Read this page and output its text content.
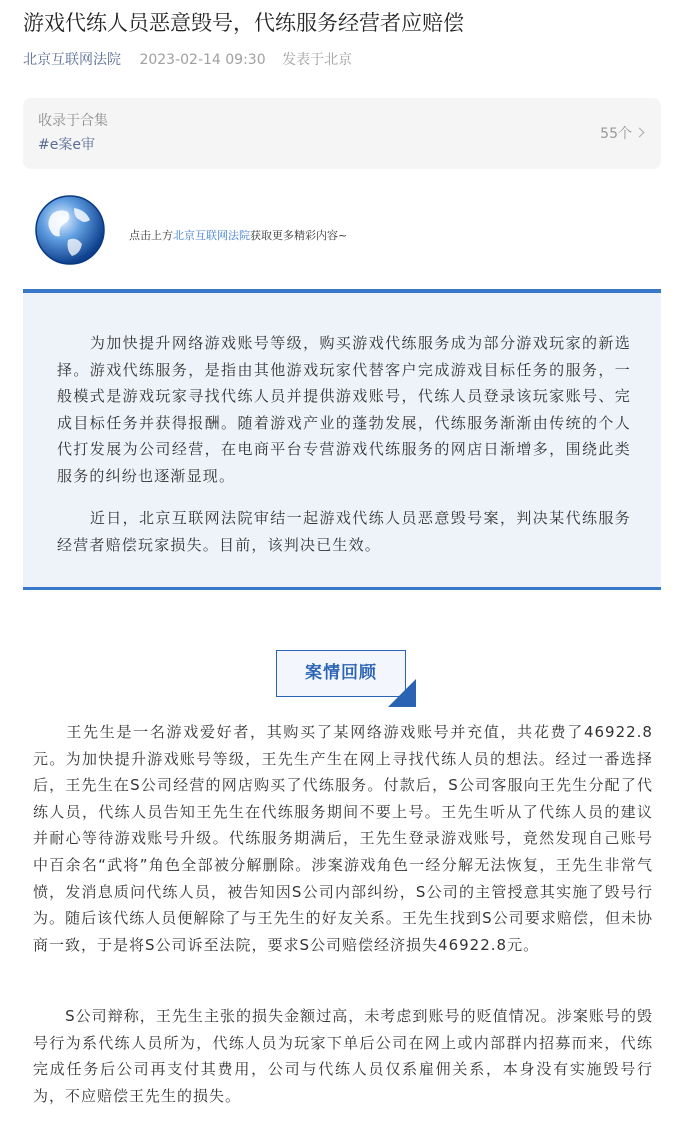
游戏代练人员恶意毁号，代练服务经营者应赔偿
北京互联网法院 2023-02-14 09:30 发表于北京
收录于合集
#e案e审
55个
点击上方北京互联网法院获取更多精彩内容~

　　为加快提升网络游戏账号等级，购买游戏代练服务成为部分游戏玩家的新选择。游戏代练服务，是指由其他游戏玩家代替客户完成游戏目标任务的服务，一般模式是游戏玩家寻找代练人员并提供游戏账号，代练人员登录该玩家账号、完成目标任务并获得报酬。随着游戏产业的蓬勃发展，代练服务渐渐由传统的个人代打发展为公司经营，在电商平台专营游戏代练服务的网店日渐增多，围绕此类服务的纠纷也逐渐显现。

　　近日，北京互联网法院审结一起游戏代练人员恶意毁号案，判决某代练服务经营者赔偿玩家损失。目前，该判决已生效。

案情回顾

　　王先生是一名游戏爱好者，其购买了某网络游戏账号并充值，共花费了46922.8元。为加快提升游戏账号等级，王先生产生在网上寻找代练人员的想法。经过一番选择后，王先生在S公司经营的网店购买了代练服务。付款后，S公司客服向王先生分配了代练人员，代练人员告知王先生在代练服务期间不要上号。王先生听从了代练人员的建议并耐心等待游戏账号升级。代练服务期满后，王先生登录游戏账号，竟然发现自己账号中百余名“武将”角色全部被分解删除。涉案游戏角色一经分解无法恢复，王先生非常气愤，发消息质问代练人员，被告知因S公司内部纠纷，S公司的主管授意其实施了毁号行为。随后该代练人员便解除了与王先生的好友关系。王先生找到S公司要求赔偿，但未协商一致，于是将S公司诉至法院，要求S公司赔偿经济损失46922.8元。

　　S公司辩称，王先生主张的损失金额过高，未考虑到账号的贬值情况。涉案账号的毁号行为系代练人员所为，代练人员为玩家下单后公司在网上或内部群内招募而来，代练完成任务后公司再支付其费用，公司与代练人员仅系雇佣关系，本身没有实施毁号行为，不应赔偿王先生的损失。
